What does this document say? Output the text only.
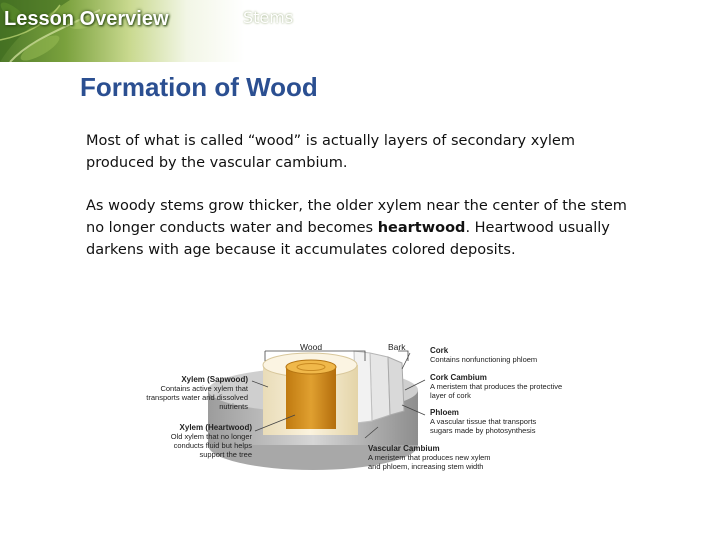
Lesson Overview	Stems
Formation of Wood
Most of what is called “wood” is actually layers of secondary xylem produced by the vascular cambium.
As woody stems grow thicker, the older xylem near the center of the stem no longer conducts water and becomes heartwood. Heartwood usually darkens with age because it accumulates colored deposits.
Wood	Bark	Cork
Contains nonfunctioning phloem
Cork Cambium
A meristem that produces the protective
layer of cork
Phloem
A vascular tissue that transports
sugars made by photosynthesis
Vascular Cambium
A meristem that produces new xylem
and phloem, increasing stem width
Xylem (Sapwood)
Contains active xylem that
transports water and dissolved
nutrients
Xylem (Heartwood)
Old xylem that no longer
conducts fluid but helps
support the tree
